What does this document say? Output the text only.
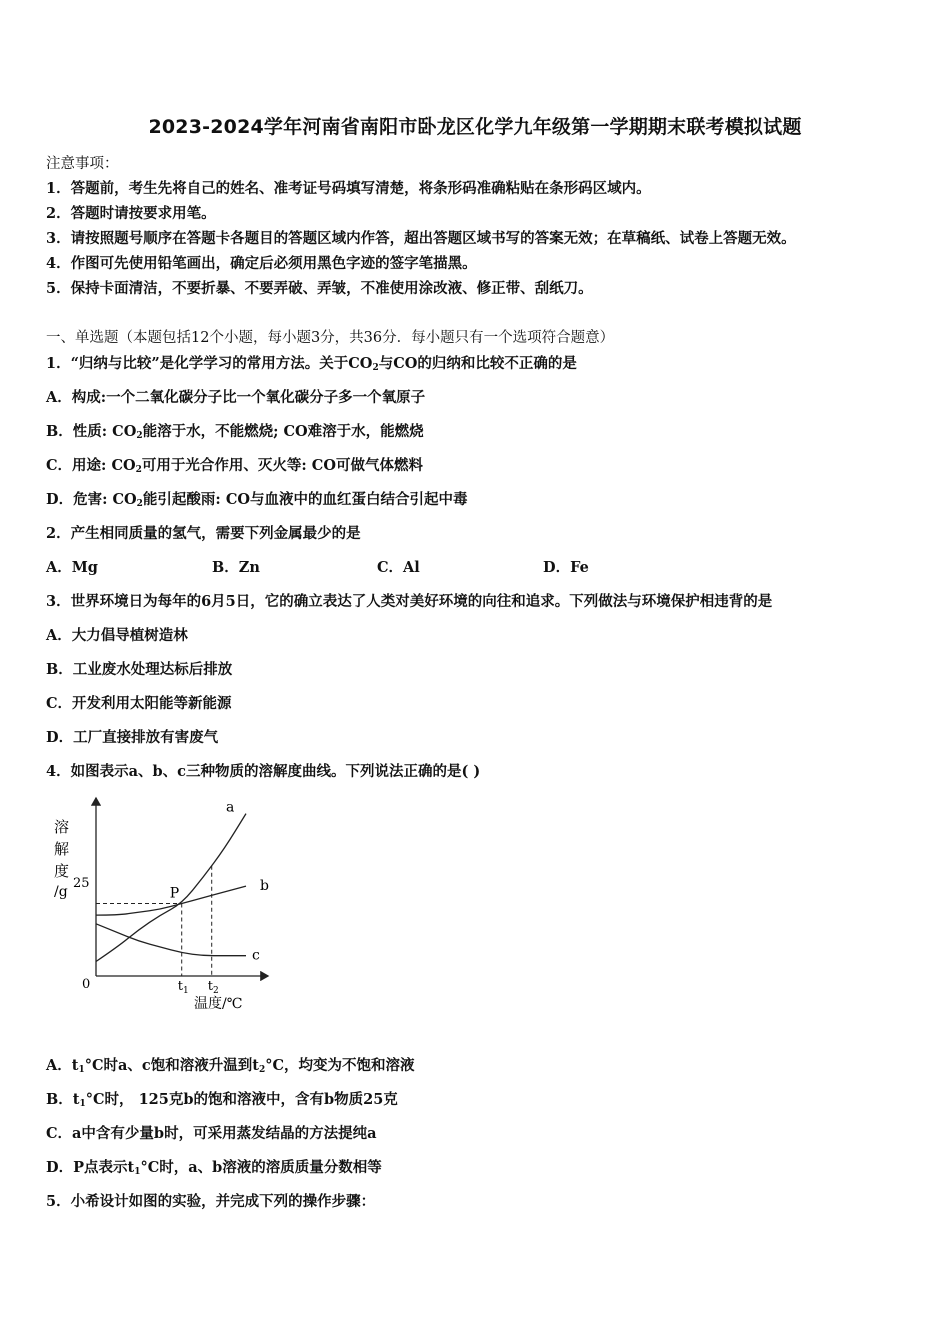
2023-2024学年河南省南阳市卧龙区化学九年级第一学期期末联考模拟试题
注意事项：
1．答题前，考生先将自己的姓名、准考证号码填写清楚，将条形码准确粘贴在条形码区域内。
2．答题时请按要求用笔。
3．请按照题号顺序在答题卡各题目的答题区域内作答，超出答题区域书写的答案无效；在草稿纸、试卷上答题无效。
4．作图可先使用铅笔画出，确定后必须用黑色字迹的签字笔描黑。
5．保持卡面清洁，不要折暴、不要弄破、弄皱，不准使用涂改液、修正带、刮纸刀。
一、单选题（本题包括12个小题，每小题3分，共36分．每小题只有一个选项符合题意）
1．“归纳与比较”是化学学习的常用方法。关于$CO_2$与CO的归纳和比较不正确的是
A．构成:一个二氧化碳分子比一个氧化碳分子多一个氧原子
B．性质: $CO_2$能溶于水，不能燃烧; CO难溶于水，能燃烧
C．用途: $CO_2$可用于光合作用、灭火等: CO可做气体燃料
D．危害: $CO_2$能引起酸雨: CO与血液中的血红蛋白结合引起中毒
2．产生相同质量的氢气，需要下列金属最少的是
A．Mg	B．Zn	C．Al	D．Fe
3．世界环境日为每年的6月5日，它的确立表达了人类对美好环境的向往和追求。下列做法与环境保护相违背的是
A．大力倡导植树造林
B．工业废水处理达标后排放
C．开发利用太阳能等新能源
D．工厂直接排放有害废气
4．如图表示a、b、c三种物质的溶解度曲线。下列说法正确的是( )
溶
解
度
/g
25
0	$t_1$ $t_2$
温度/℃
a
b
c
P
A．$t_1^\circ C$时a、c饱和溶液升温到$t_2^\circ C$，均变为不饱和溶液
B．$t_1^\circ C$时， 125克b的饱和溶液中，含有b物质25克
C．a中含有少量b时，可采用蒸发结晶的方法提纯a
D．P点表示$t_1^\circ C$时，a、b溶液的溶质质量分数相等
5．小希设计如图的实验，并完成下列的操作步骤：
